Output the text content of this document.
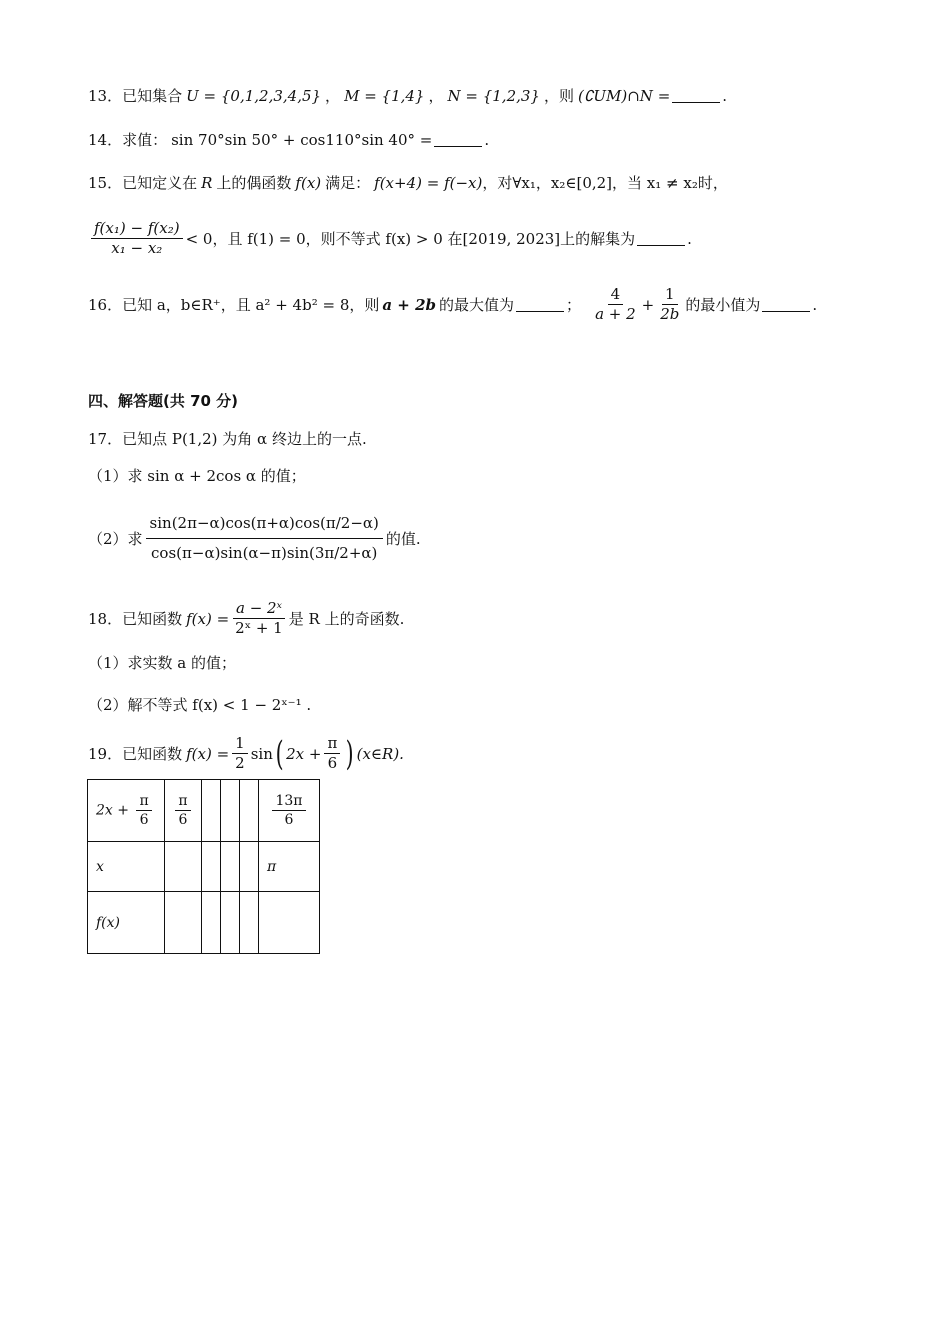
13． 已知集合 U = {0,1,2,3,4,5} ， M = {1,4} ， N = {1,2,3} ，则 (∁UM)∩N =	.
14． 求值： sin 70°sin 50° + cos110°sin 40° =	.
15． 已知定义在 R 上的偶函数 f(x) 满足： f(x+4) = f(−x) ，对∀x₁，x₂∈[0,2]，当 x₁ ≠ x₂时，
$\frac{\text{f(x₁) − f(x₂)}}{\text{x₁ − x₂}} < 0$，且 f(1) = 0，则不等式 f(x) > 0 在[2019, 2023]上的解集为	.
16． 已知 a，b∈R⁺，且 a² + 4b² = 8，则 a + 2b 的最大值为	； $\frac{4}{a + 2} + \frac{1}{2b}$ 的最小值为	.
四、解答题(共 70 分)
17．已知点 P(1,2) 为角 α 终边上的一点.
（1）求 sin α + 2cos α 的值；
（2）求 $\frac{\sin(2\pi-\alpha)\cos(\pi+\alpha)\cos(\pi/2-\alpha)}{\cos(\pi-\alpha)\sin(\alpha-\pi)\sin(3\pi/2+\alpha)}$ 的值.
18． 已知函数 $f(x) = \frac{\text{a − 2ˣ}}{\text{2ˣ + 1}}$ 是 R 上的奇函数.
（1）求实数 a 的值；
（2）解不等式 f(x) < 1 − 2ˣ⁻¹ .
19． 已知函数 $f(x) = \frac{1}{2}$ sin ( $2x + \frac{\pi}{6}$ ) (x∈R).
$2x + \frac{\pi}{6}$	$\frac{\pi}{6}$				$\frac{13\pi}{6}$

x					π
f(x)					
